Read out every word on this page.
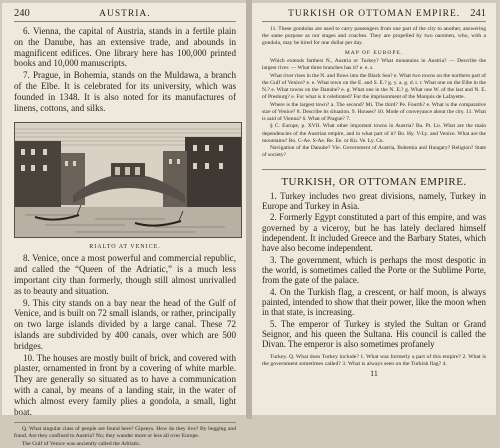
240	AUSTRIA.

6. Vienna, the capital of Austria, stands in a fertile plain on the Danube, has an extensive trade, and abounds in magnificent edifices. One library here has 100,000 printed books and 10,000 manuscripts.

7. Prague, in Bohemia, stands on the Muldawa, a branch of the Elbe. It is celebrated for its university, which was founded in 1348. It is also noted for its manufactures of linens, cottons, and silks.

RIALTO AT VENICE.

8. Venice, once a most powerful and commercial republic, and called the “Queen of the Adriatic,” is a much less important city than formerly, though still almost unrivalled as to beauty and situation.

9. This city stands on a bay near the head of the Gulf of Venice, and is built on 72 small islands, or rather, principally on two large islands divided by a large canal. These 72 islands are subdivided by 400 canals, over which are 500 bridges.

10. The houses are mostly built of brick, and covered with plaster, ornamented in front by a covering of white marble. They are generally so situated as to have a communication with a canal, by means of a landing stair, in the water of which almost every family plies a gondola, a small, light boat.

Q. What singular class of people are found here? Gipseys. How do they live? By begging and fraud. Are they confined to Austria? No; they wander more or less all over Europe.

The Gulf of Venice was anciently called the Adriatic.

TURKISH OR OTTOMAN EMPIRE. 241

11. These gondolas are used to carry passengers from one part of the city to another, answering the same purpose as our stages and coaches. They are propelled by two oarsmen, who, with a gondola, may be hired for one dollar per day.

MAP OF EUROPE.

Which extends farthest N., Austria or Turkey? What mountains in Austria? — Describe the largest river. — What three branches has it? e. e. s.

What river rises in the N. and flows into the Black Sea? e. What two towns on the northern part of the Gulf of Venice? e. e. What town on the E. and S. E.? g. y. a. g. d. t. r. What one on the Elbe in the N.? e. What towns on the Danube? e. g. What one in the N. E.? g. What one W. of the last and N. E. of Presburg? e. For what is it celebrated? For the imprisonment of the Marquis de Lafayette.

Where is the largest town? a. The second? Mi. The third? Pe. Fourth? e. What is the comparative size of Venice? 8. Describe its situation. 9. Houses? 10. Mode of conveyance about the city. 11. What is said of Vienna? 6. What of Prague? 7.

§ C. Europe, p. XVII. What other important towns in Austria? Ba. Pt. Ln. What are the main dependencies of the Austrian empire, and in what part of it? Bo. Hy. V-Ly. and Venice. What are the mountains? Bo. C-Ae. S-Ae. Re. Ee. or Kn. Ve. Ly. Cn.

Navigation of the Danube? Vie. Government of Austria, Bohemia and Hungary? Religion? State of society?

TURKISH, OR OTTOMAN EMPIRE.

1. Turkey includes two great divisions, namely, Turkey in Europe and Turkey in Asia.

2. Formerly Egypt constituted a part of this empire, and was governed by a viceroy, but he has lately declared himself independent. It included Greece and the Barbary States, which have also become independent.

3. The government, which is perhaps the most despotic in the world, is sometimes called the Porte or the Sublime Porte, from the gate of the palace.

4. On the Turkish flag, a crescent, or half moon, is always painted, intended to show that their power, like the moon when in that state, is increasing.

5. The emperor of Turkey is styled the Sultan or Grand Seignor, and his queen the Sultana. His council is called the Divan. The emperor is also sometimes profanely

Turkey. Q. What does Turkey include? 1. What was formerly a part of this empire? 2. What is the government sometimes called? 3. What is always seen on the Turkish flag? 4.

11
